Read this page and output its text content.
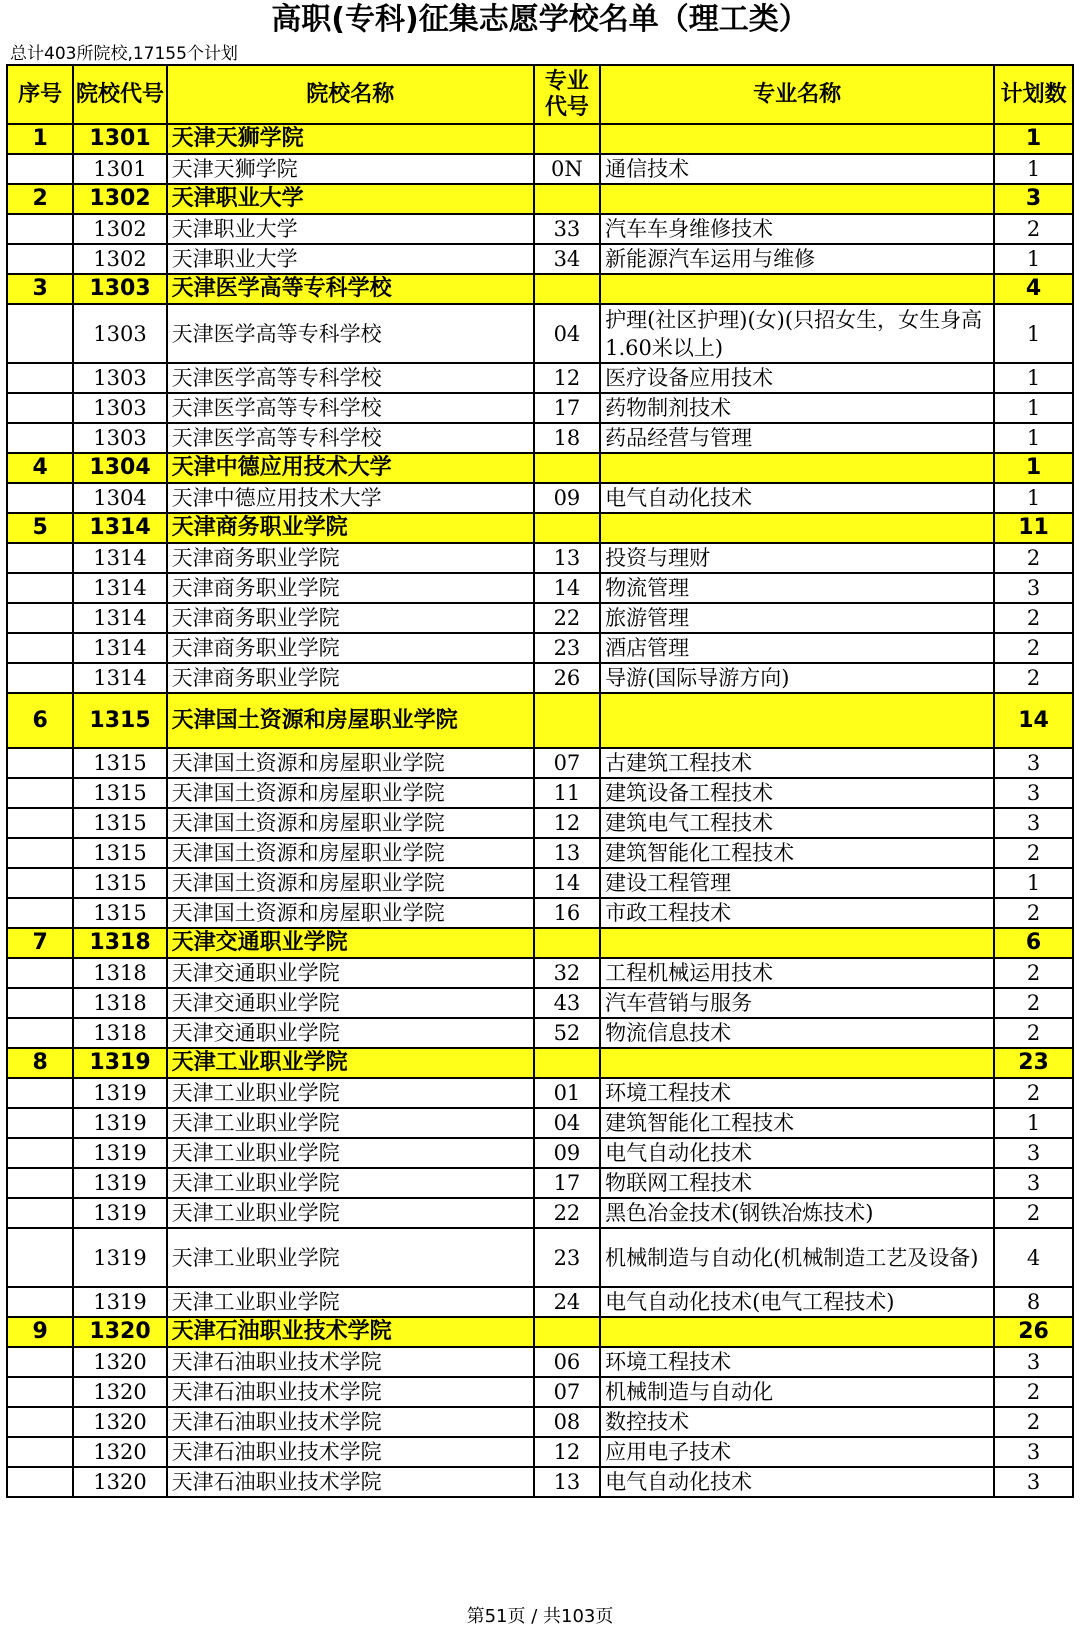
高职(专科)征集志愿学校名单（理工类）
总计403所院校,17155个计划
序号	院校代号	院校名称	专业代号	专业名称	计划数
1	1301	天津天狮学院			1
	1301	天津天狮学院	0N	通信技术	1
2	1302	天津职业大学			3
	1302	天津职业大学	33	汽车车身维修技术	2
	1302	天津职业大学	34	新能源汽车运用与维修	1
3	1303	天津医学高等专科学校			4
	1303	天津医学高等专科学校	04	护理(社区护理)(女)(只招女生，女生身高1.60米以上)	1
	1303	天津医学高等专科学校	12	医疗设备应用技术	1
	1303	天津医学高等专科学校	17	药物制剂技术	1
	1303	天津医学高等专科学校	18	药品经营与管理	1
4	1304	天津中德应用技术大学			1
	1304	天津中德应用技术大学	09	电气自动化技术	1
5	1314	天津商务职业学院			11
	1314	天津商务职业学院	13	投资与理财	2
	1314	天津商务职业学院	14	物流管理	3
	1314	天津商务职业学院	22	旅游管理	2
	1314	天津商务职业学院	23	酒店管理	2
	1314	天津商务职业学院	26	导游(国际导游方向)	2
6	1315	天津国土资源和房屋职业学院			14
	1315	天津国土资源和房屋职业学院	07	古建筑工程技术	3
	1315	天津国土资源和房屋职业学院	11	建筑设备工程技术	3
	1315	天津国土资源和房屋职业学院	12	建筑电气工程技术	3
	1315	天津国土资源和房屋职业学院	13	建筑智能化工程技术	2
	1315	天津国土资源和房屋职业学院	14	建设工程管理	1
	1315	天津国土资源和房屋职业学院	16	市政工程技术	2
7	1318	天津交通职业学院			6
	1318	天津交通职业学院	32	工程机械运用技术	2
	1318	天津交通职业学院	43	汽车营销与服务	2
	1318	天津交通职业学院	52	物流信息技术	2
8	1319	天津工业职业学院			23
	1319	天津工业职业学院	01	环境工程技术	2
	1319	天津工业职业学院	04	建筑智能化工程技术	1
	1319	天津工业职业学院	09	电气自动化技术	3
	1319	天津工业职业学院	17	物联网工程技术	3
	1319	天津工业职业学院	22	黑色冶金技术(钢铁冶炼技术)	2
	1319	天津工业职业学院	23	机械制造与自动化(机械制造工艺及设备)	4
	1319	天津工业职业学院	24	电气自动化技术(电气工程技术)	8
9	1320	天津石油职业技术学院			26
	1320	天津石油职业技术学院	06	环境工程技术	3
	1320	天津石油职业技术学院	07	机械制造与自动化	2
	1320	天津石油职业技术学院	08	数控技术	2
	1320	天津石油职业技术学院	12	应用电子技术	3
	1320	天津石油职业技术学院	13	电气自动化技术	3
第51页 / 共103页
